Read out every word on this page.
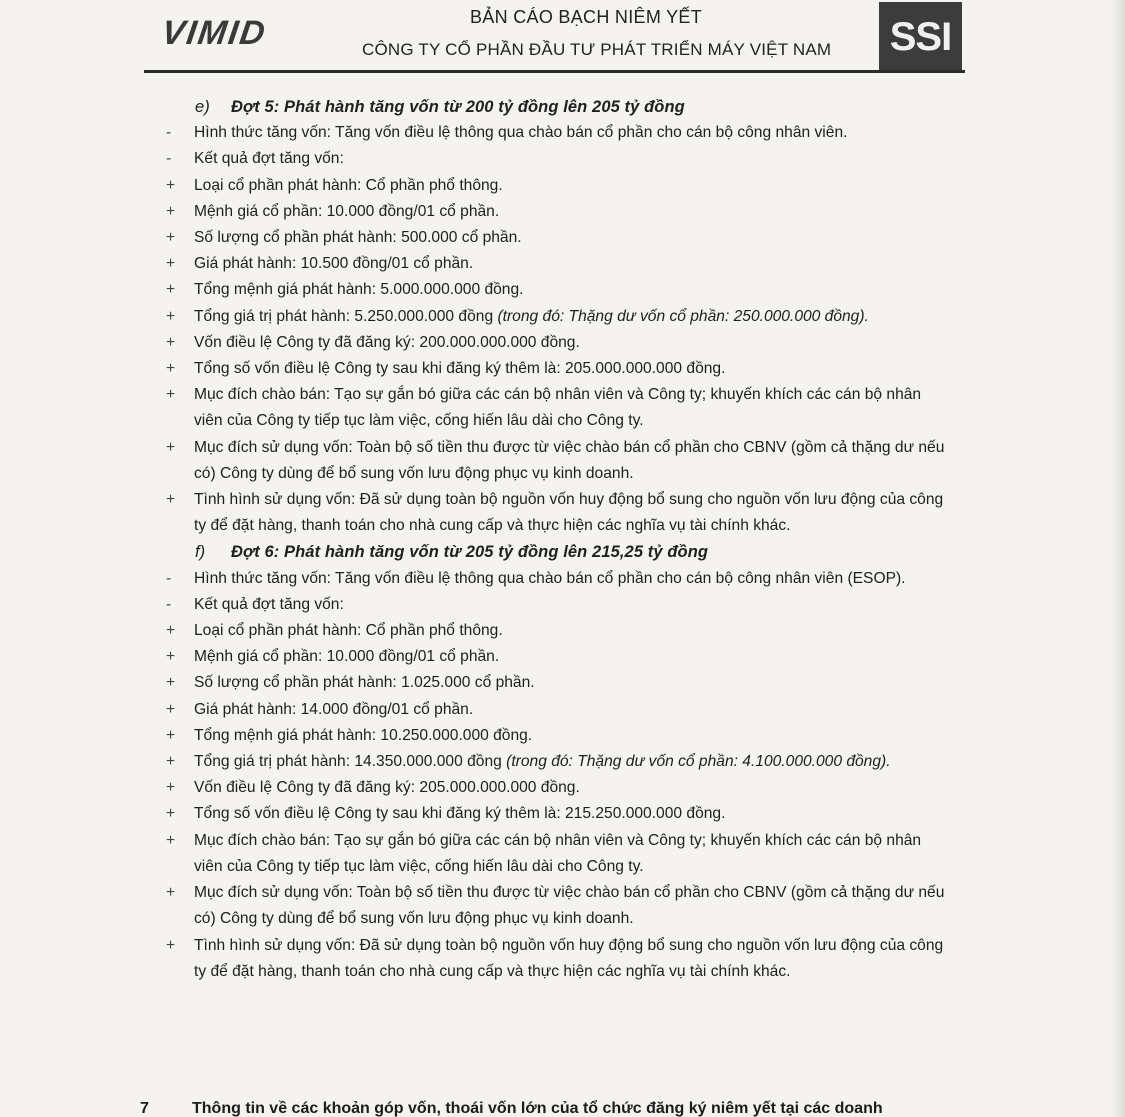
VIMID	BẢN CÁO BẠCH NIÊM YẾT
CÔNG TY CỔ PHẦN ĐẦU TƯ PHÁT TRIỂN MÁY VIỆT NAM SSI
e) Đợt 5: Phát hành tăng vốn từ 200 tỷ đồng lên 205 tỷ đồng
-	Hình thức tăng vốn: Tăng vốn điều lệ thông qua chào bán cổ phần cho cán bộ công nhân viên.
-	Kết quả đợt tăng vốn:
+	Loại cổ phần phát hành: Cổ phần phổ thông.
+	Mệnh giá cổ phần: 10.000 đồng/01 cổ phần.
+	Số lượng cổ phần phát hành: 500.000 cổ phần.
+	Giá phát hành: 10.500 đồng/01 cổ phần.
+	Tổng mệnh giá phát hành: 5.000.000.000 đồng.
+	Tổng giá trị phát hành: 5.250.000.000 đồng (trong đó: Thặng dư vốn cổ phần: 250.000.000 đồng).
+	Vốn điều lệ Công ty đã đăng ký: 200.000.000.000 đồng.
+	Tổng số vốn điều lệ Công ty sau khi đăng ký thêm là: 205.000.000.000 đồng.
+	Mục đích chào bán: Tạo sự gắn bó giữa các cán bộ nhân viên và Công ty; khuyến khích các cán bộ nhân viên của Công ty tiếp tục làm việc, cống hiến lâu dài cho Công ty.
+	Mục đích sử dụng vốn: Toàn bộ số tiền thu được từ việc chào bán cổ phần cho CBNV (gồm cả thặng dư nếu có) Công ty dùng để bổ sung vốn lưu động phục vụ kinh doanh.
+	Tình hình sử dụng vốn: Đã sử dụng toàn bộ nguồn vốn huy động bổ sung cho nguồn vốn lưu động của công ty để đặt hàng, thanh toán cho nhà cung cấp và thực hiện các nghĩa vụ tài chính khác.
f) Đợt 6: Phát hành tăng vốn từ 205 tỷ đồng lên 215,25 tỷ đồng
-	Hình thức tăng vốn: Tăng vốn điều lệ thông qua chào bán cổ phần cho cán bộ công nhân viên (ESOP).
-	Kết quả đợt tăng vốn:
+	Loại cổ phần phát hành: Cổ phần phổ thông.
+	Mệnh giá cổ phần: 10.000 đồng/01 cổ phần.
+	Số lượng cổ phần phát hành: 1.025.000 cổ phần.
+	Giá phát hành: 14.000 đồng/01 cổ phần.
+	Tổng mệnh giá phát hành: 10.250.000.000 đồng.
+	Tổng giá trị phát hành: 14.350.000.000 đồng (trong đó: Thặng dư vốn cổ phần: 4.100.000.000 đồng).
+	Vốn điều lệ Công ty đã đăng ký: 205.000.000.000 đồng.
+	Tổng số vốn điều lệ Công ty sau khi đăng ký thêm là: 215.250.000.000 đồng.
+	Mục đích chào bán: Tạo sự gắn bó giữa các cán bộ nhân viên và Công ty; khuyến khích các cán bộ nhân viên của Công ty tiếp tục làm việc, cống hiến lâu dài cho Công ty.
+	Mục đích sử dụng vốn: Toàn bộ số tiền thu được từ việc chào bán cổ phần cho CBNV (gồm cả thặng dư nếu có) Công ty dùng để bổ sung vốn lưu động phục vụ kinh doanh.
+	Tình hình sử dụng vốn: Đã sử dụng toàn bộ nguồn vốn huy động bổ sung cho nguồn vốn lưu động của công ty để đặt hàng, thanh toán cho nhà cung cấp và thực hiện các nghĩa vụ tài chính khác.
7	Thông tin về các khoản góp vốn, thoái vốn lớn của tổ chức đăng ký niêm yết tại các doanh
